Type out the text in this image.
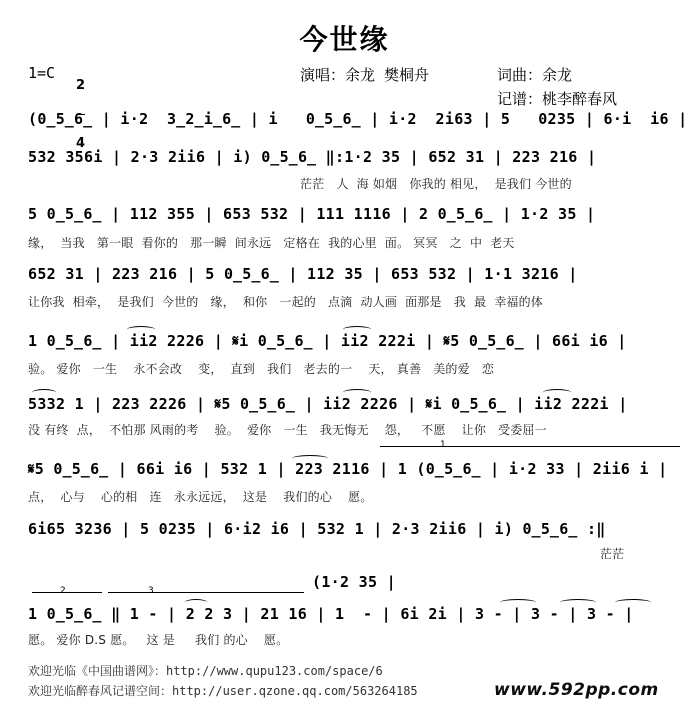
今世缘
1=C

2

4

演唱：余龙 樊桐舟	词曲：余龙
记谱：桃李醉春风
(0̲5̲6̲ | i·2  3̲2̲i̲6̲ | i   0̲5̲6̲ | i·2  2i63 | 5   0235 | 6·i  i6 |
532 356i | 2·3 2ii6 | i) 0̲5̲6̲ ‖:1·2 35 | 652 31 | 223 216 |
茫茫   人  海 如烟   你我的 相见，  是我们 今世的
5 0̲5̲6̲ | 112 355 | 653 532 | 111 1116 | 2 0̲5̲6̲ | 1·2 35 |
缘，  当我   第一眼  看你的   那一瞬  间永远   定格在  我的心里  面。 冥冥   之  中  老天
652 31 | 223 216 | 5 0̲5̲6̲ | 112 35 | 653 532 | 1·1 3216 |
让你我  相牵，  是我们  今世的   缘，  和你   一起的   点滴  动人画  面那是   我  最  幸福的体
1 0̲5̲6̲ | ii2 2226 | 𝄋i 0̲5̲6̲ | ii2 222i | 𝄋5 0̲5̲6̲ | 66i i6 |
验。 爱你   一生    永不会改    变，  直到   我们   老去的一    天， 真善   美的爱   恋
5332 1 | 223 2226 | 𝄋5 0̲5̲6̲ | ii2 2226 | 𝄋i 0̲5̲6̲ | ii2 222i |
没 有终  点，  不怕那 风雨的考    验。  爱你   一生   我无悔无    怨，   不愿    让你   受委屈一
1
𝄋5 0̲5̲6̲ | 66i i6 | 532 1 | 223 2116 | 1 (0̲5̲6̲ | i·2 33 | 2ii6 i |
点，  心与    心的相   连   永永远远，  这是    我们的心    愿。
6i65 3236 | 5 0235 | 6·i2 i6 | 532 1 | 2·3 2ii6 | i) 0̲5̲6̲ :‖
茫茫
(1·2 35 |
2	3
1 0̲5̲6̲ ‖ 1 - | 2 2 3 | 21 16 | 1  - | 6i 2i | 3 - | 3 - | 3 - |
愿。 爱你 D.S 愿。   这 是     我们 的心    愿。
欢迎光临《中国曲谱网》：http://www.qupu123.com/space/6
欢迎光临醉春风记谱空间：http://user.qzone.qq.com/563264185	www.592pp.com
